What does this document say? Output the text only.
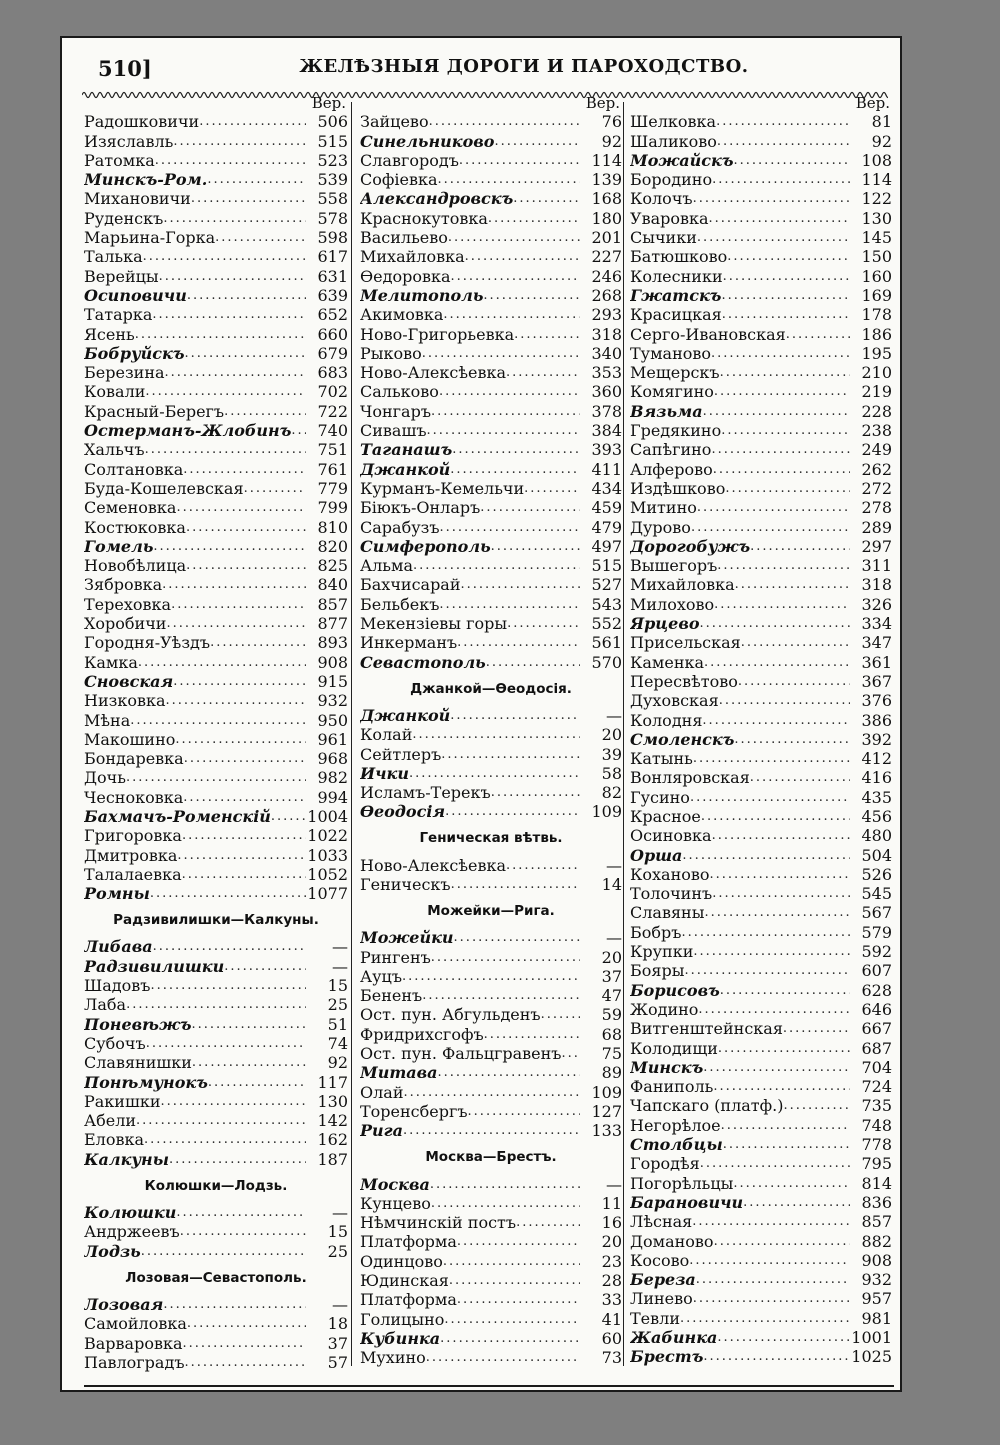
510]	ЖЕЛѢЗНЫЯ ДОРОГИ И ПАРОХОДСТВО.
Вер.
Радошковичи .....	506
Изяславль .....	515
Ратомка .....	523
Минскъ-Ром. .....	539
Михановичи .....	558
Руденскъ .....	578
Марьина-Горка .....	598
Талька .....	617
Верейцы .....	631
Осиповичи .....	639
Татарка .....	652
Ясень .....	660
Бобруйскъ .....	679
Березина .....	683
Ковали .....	702
Красный-Берегъ .....	722
Остерманъ-Жлобинъ .....	740
Хальчъ .....	751
Солтановка .....	761
Буда-Кошелевская .....	779
Семеновка .....	799
Костюковка .....	810
Гомель .....	820
Новобѣлица .....	825
Зябровка .....	840
Тереховка .....	857
Хоробичи .....	877
Городня-Уѣздъ .....	893
Камка .....	908
Сновская .....	915
Низковка .....	932
Мѣна .....	950
Макошино .....	961
Бондаревка .....	968
Дочь .....	982
Чесноковка .....	994
Бахмачъ-Роменскій ..... 1004
Григоровка .....	1022
Дмитровка .....	1033
Талалаевка .....	1052
Ромны .....	1077
Радзивилишки—Калкуны.
Либава .....	—
Радзивилишки .....	—
Шадовъ .....	15
Лаба .....	25
Поневѣжъ .....	51
Субочъ .....	74
Славянишки .....	92
Понѣмунокъ .....	117
Ракишки .....	130
Абели .....	142
Еловка .....	162
Калкуны .....	187
Колюшки—Лодзь.
Колюшки .....	—
Андржеевъ .....	15
Лодзь .....	25
Лозовая—Севастополь.
Лозовая .....	—
Самойловка .....	18
Варваровка .....	37
Павлоградъ .....	57
Вер.
Зайцево .....	76
Синельниково .....	92
Славгородъ .....	114
Софіевка .....	139
Александровскъ .....	168
Краснокутовка .....	180
Васильево .....	201
Михайловка .....	227
Ѳедоровка .....	246
Мелитополь .....	268
Акимовка .....	293
Ново-Григорьевка .....	318
Рыково .....	340
Ново-Алексѣевка .....	353
Сальково .....	360
Чонгаръ .....	378
Сивашъ .....	384
Таганашъ .....	393
Джанкой .....	411
Курманъ-Кемельчи .....	434
Біюкъ-Онларъ .....	459
Сарабузъ .....	479
Симферополь .....	497
Альма .....	515
Бахчисарай .....	527
Бельбекъ .....	543
Мекензіевы горы .....	552
Инкерманъ .....	561
Севастополь .....	570
Джанкой—Ѳеодосія.
Джанкой .....	—
Колай .....	20
Сейтлеръ .....	39
Ички .....	58
Исламъ-Терекъ .....	82
Ѳеодосія .....	109
Геническая вѣтвь.
Ново-Алексѣевка .....	—
Геническъ .....	14
Можейки—Рига.
Можейки .....	—
Рингенъ .....	20
Ауцъ .....	37
Бененъ .....	47
Ост. пун. Абгульденъ .....	59
Фридрихсгофъ .....	68
Ост. пун. Фальцгравенъ .....	75
Митава .....	89
Олай .....	109
Торенсбергъ .....	127
Рига .....	133
Москва—Брестъ.
Москва .....	—
Кунцево .....	11
Нѣмчинскій постъ .....	16
Платформа .....	20
Одинцово .....	23
Юдинская .....	28
Платформа .....	33
Голицыно .....	41
Кубинка .....	60
Мухино .....	73
Вер.
Шелковка .....	81
Шаликово .....	92
Можайскъ .....	108
Бородино .....	114
Колочъ .....	122
Уваровка .....	130
Сычики .....	145
Батюшково .....	150
Колесники .....	160
Гжатскъ .....	169
Красицкая .....	178
Серго-Ивановская .....	186
Туманово .....	195
Мещерскъ .....	210
Комягино .....	219
Вязьма .....	228
Гредякино .....	238
Сапѣгино .....	249
Алферово .....	262
Издѣшково .....	272
Митино .....	278
Дурово .....	289
Дорогобужъ .....	297
Вышегоръ .....	311
Михайловка .....	318
Милохово .....	326
Ярцево .....	334
Присельская .....	347
Каменка .....	361
Пересвѣтово .....	367
Духовская .....	376
Колодня .....	386
Смоленскъ .....	392
Катынь .....	412
Вонляровская .....	416
Гусино .....	435
Красное .....	456
Осиновка .....	480
Орша .....	504
Коханово .....	526
Толочинъ .....	545
Славяны .....	567
Бобръ .....	579
Крупки .....	592
Бояры .....	607
Борисовъ .....	628
Жодино .....	646
Витгенштейнская .....	667
Колодищи .....	687
Минскъ .....	704
Фаниполь .....	724
Чапскаго (платф.) .....	735
Негорѣлое .....	748
Столбцы .....	778
Городѣя .....	795
Погорѣльцы .....	814
Барановичи .....	836
Лѣсная .....	857
Доманово .....	882
Косово .....	908
Береза .....	932
Линево .....	957
Тевли .....	981
Жабинка .....	1001
Брестъ .....	1025
